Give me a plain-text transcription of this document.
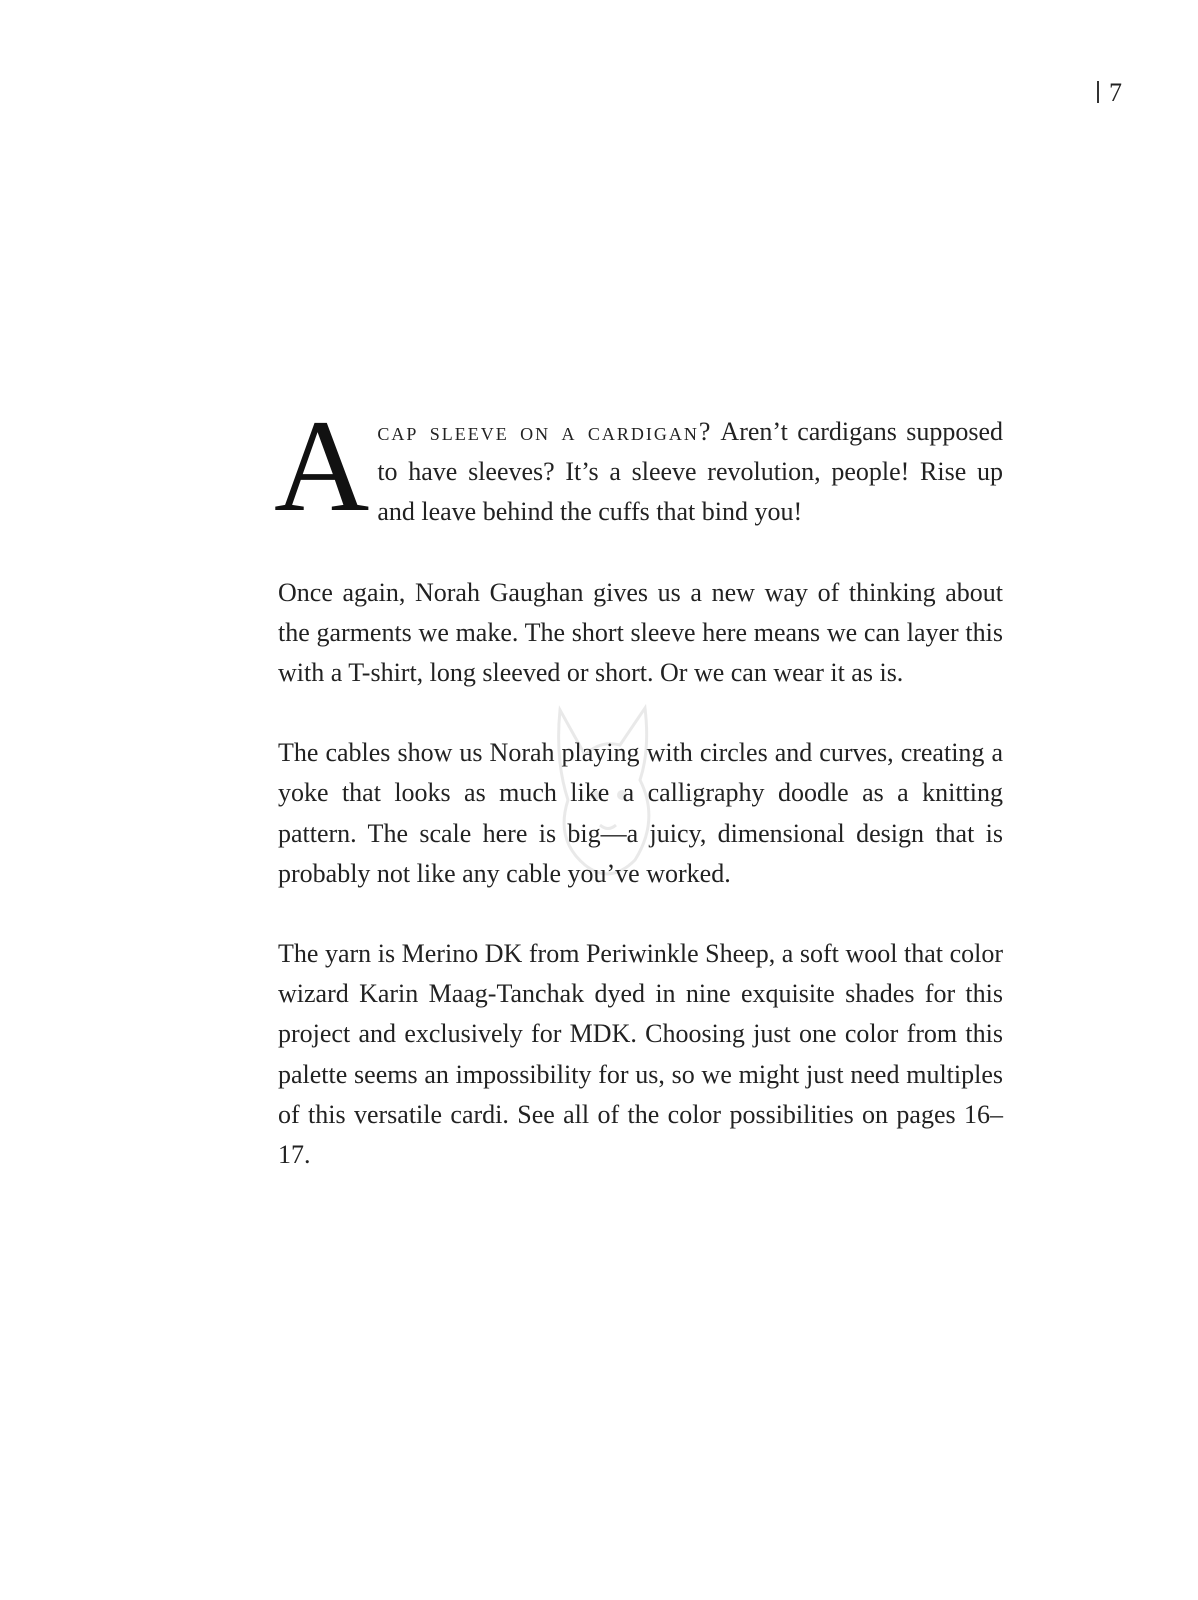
7

Acap sleeve on a cardigan? Aren’t cardigans supposed to have sleeves? It’s a sleeve revolution, people! Rise up and leave behind the cuffs that bind you!

Once again, Norah Gaughan gives us a new way of thinking about the garments we make. The short sleeve here means we can layer this with a T-shirt, long sleeved or short. Or we can wear it as is.

The cables show us Norah playing with circles and curves, creating a yoke that looks as much like a calligraphy doodle as a knitting pattern. The scale here is big—a juicy, dimensional design that is probably not like any cable you’ve worked.

The yarn is Merino DK from Periwinkle Sheep, a soft wool that color wizard Karin Maag-Tanchak dyed in nine exquisite shades for this project and exclusively for MDK. Choosing just one color from this palette seems an impossibility for us, so we might just need multiples of this versatile cardi. See all of the color possibilities on pages 16–17.
